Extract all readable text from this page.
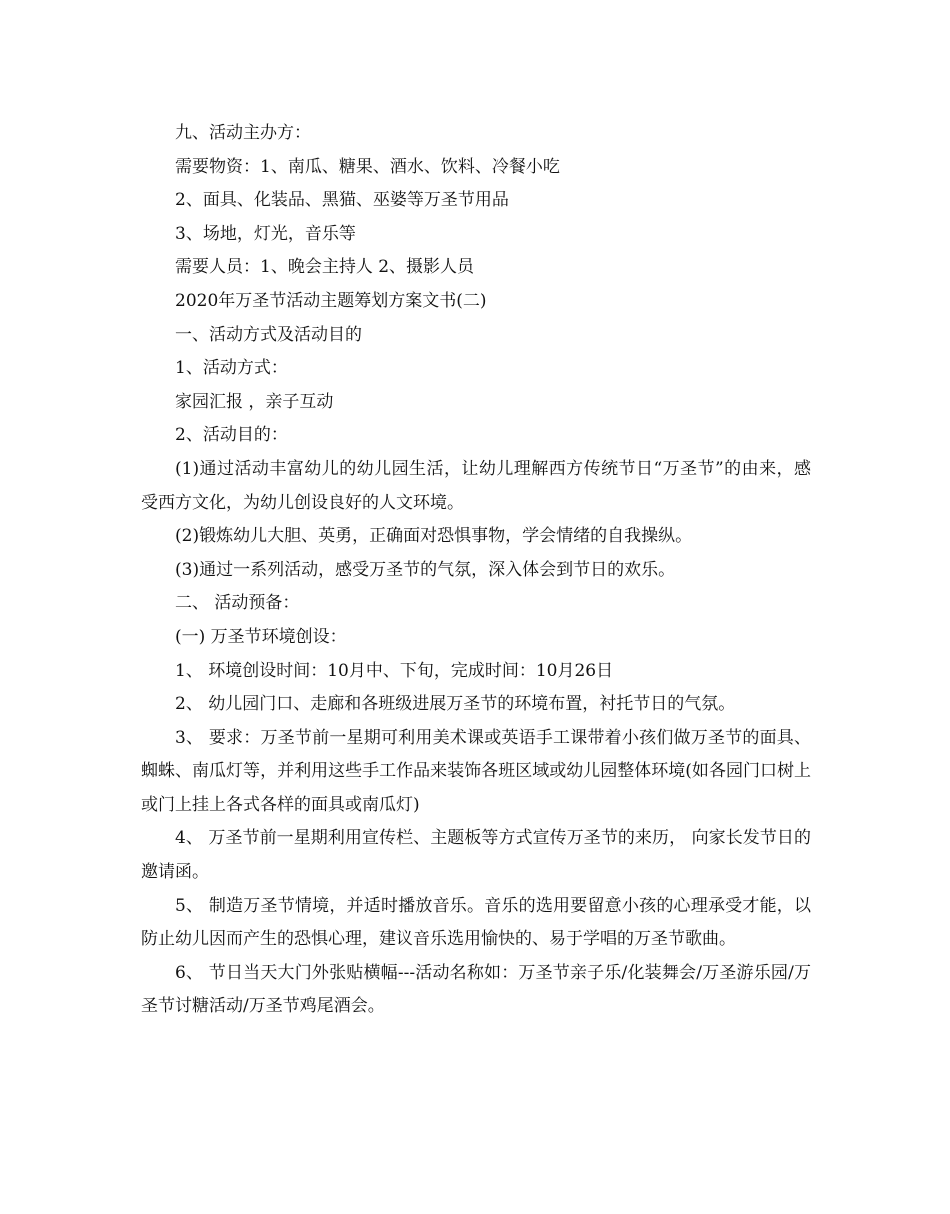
九、活动主办方：

需要物资：1、南瓜、糖果、酒水、饮料、冷餐小吃

2、面具、化装品、黑猫、巫婆等万圣节用品

3、场地，灯光，音乐等

需要人员：1、晚会主持人 2、摄影人员

2020年万圣节活动主题筹划方案文书(二)

一、活动方式及活动目的

1、活动方式：

家园汇报 ，亲子互动

2、活动目的：

(1)通过活动丰富幼儿的幼儿园生活，让幼儿理解西方传统节日“万圣节”的由来，感受西方文化，为幼儿创设良好的人文环境。

(2)锻炼幼儿大胆、英勇，正确面对恐惧事物，学会情绪的自我操纵。

(3)通过一系列活动，感受万圣节的气氛，深入体会到节日的欢乐。

二、 活动预备：

(一) 万圣节环境创设：

1、 环境创设时间：10月中、下旬，完成时间：10月26日

2、 幼儿园门口、走廊和各班级进展万圣节的环境布置，衬托节日的气氛。

3、 要求：万圣节前一星期可利用美术课或英语手工课带着小孩们做万圣节的面具、蜘蛛、南瓜灯等，并利用这些手工作品来装饰各班区域或幼儿园整体环境(如各园门口树上或门上挂上各式各样的面具或南瓜灯)

4、 万圣节前一星期利用宣传栏、主题板等方式宣传万圣节的来历， 向家长发节日的邀请函。

5、 制造万圣节情境，并适时播放音乐。音乐的选用要留意小孩的心理承受才能，以防止幼儿因而产生的恐惧心理，建议音乐选用愉快的、易于学唱的万圣节歌曲。

6、 节日当天大门外张贴横幅---活动名称如：万圣节亲子乐/化装舞会/万圣游乐园/万圣节讨糖活动/万圣节鸡尾酒会。
